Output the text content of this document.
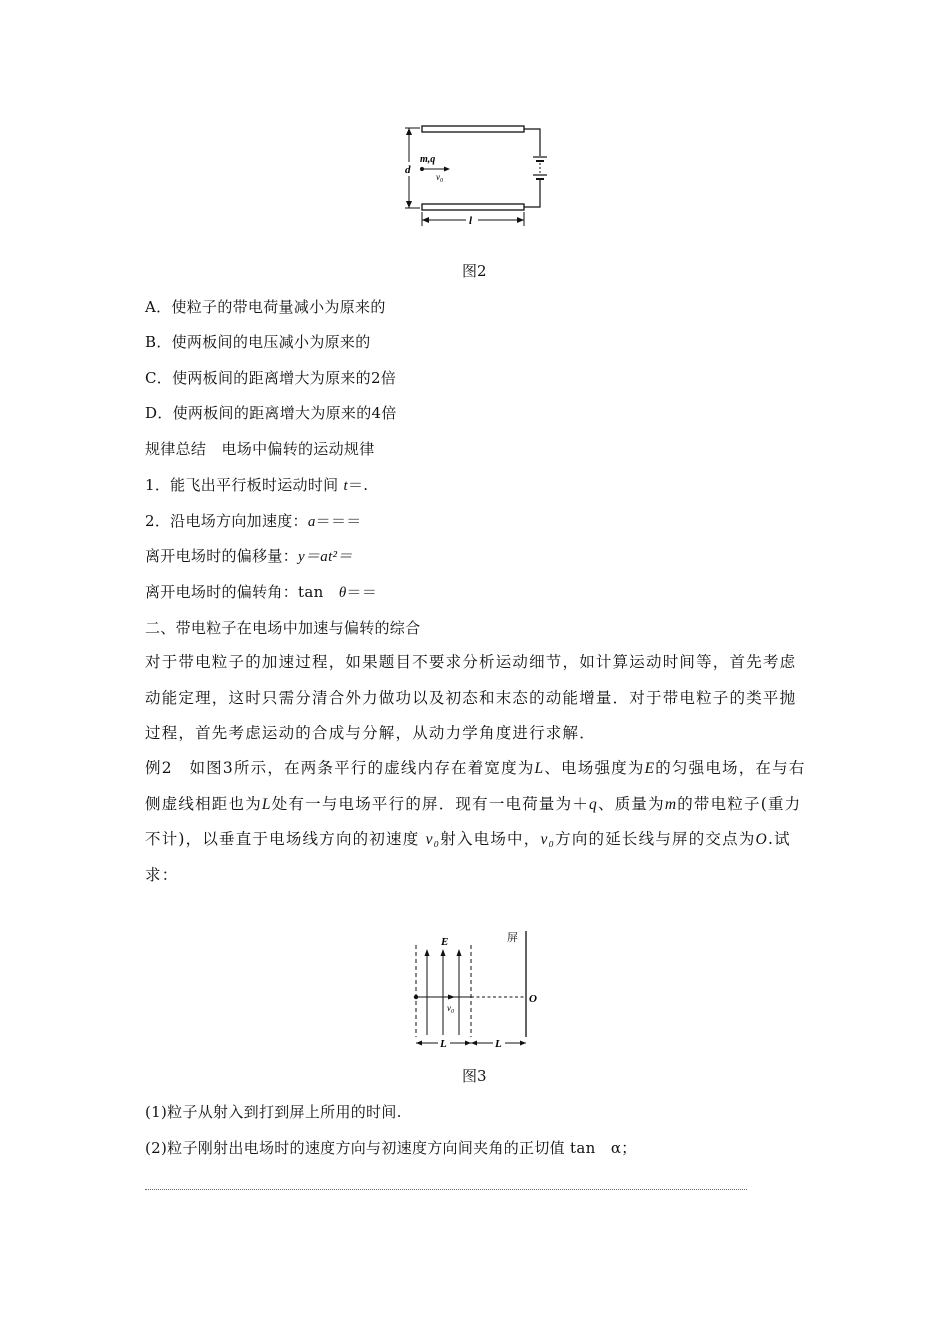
d
m,q
$v_0$
l
图2
A．使粒子的带电荷量减小为原来的
B．使两板间的电压减小为原来的
C．使两板间的距离增大为原来的2倍
D．使两板间的距离增大为原来的4倍
规律总结　电场中偏转的运动规律
1．能飞出平行板时运动时间 t＝.
2．沿电场方向加速度：a＝＝＝
离开电场时的偏移量：y＝at²＝
离开电场时的偏转角：tan　θ＝＝
二、带电粒子在电场中加速与偏转的综合
对于带电粒子的加速过程，如果题目不要求分析运动细节，如计算运动时间等，首先考虑动能定理，这时只需分清合外力做功以及初态和末态的动能增量．对于带电粒子的类平抛过程，首先考虑运动的合成与分解，从动力学角度进行求解．
例2　如图3所示，在两条平行的虚线内存在着宽度为L、电场强度为E的匀强电场，在与右侧虚线相距也为L处有一与电场平行的屏．现有一电荷量为＋q、质量为m的带电粒子(重力不计)，以垂直于电场线方向的初速度 v₀射入电场中，v₀方向的延长线与屏的交点为O.试求：
E	屏
$v_0$
O
L	L
图3
(1)粒子从射入到打到屏上所用的时间.
(2)粒子刚射出电场时的速度方向与初速度方向间夹角的正切值 tan　α；
